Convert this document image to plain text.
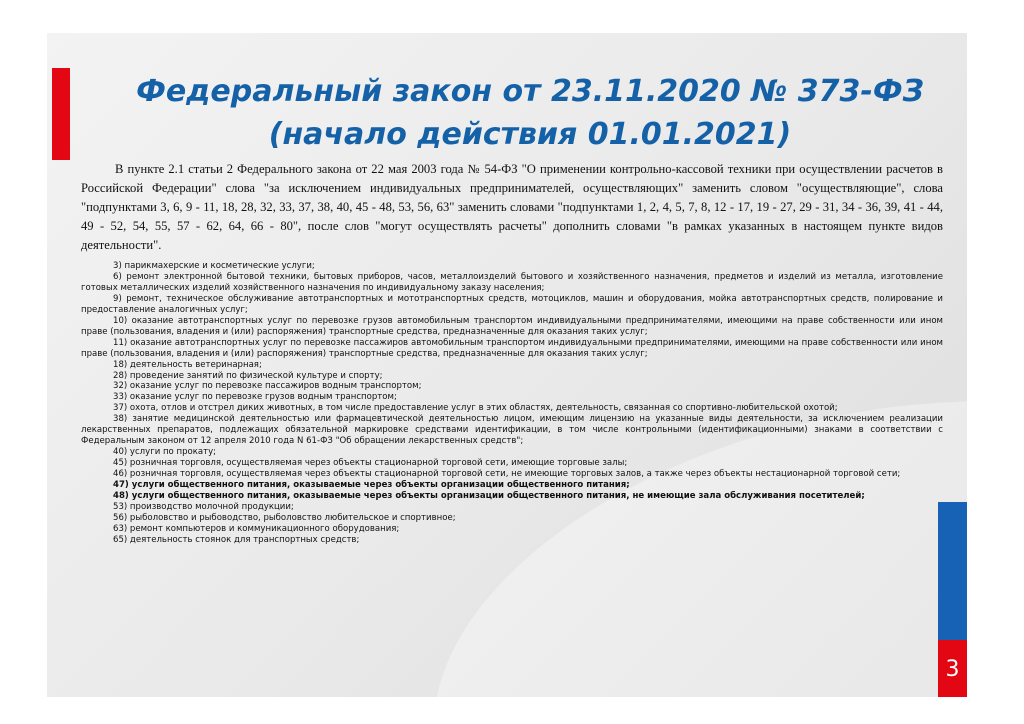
3
Федеральный закон от 23.11.2020 № 373-ФЗ
(начало действия 01.01.2021)
В пункте 2.1 статьи 2 Федерального закона от 22 мая 2003 года № 54-ФЗ "О применении контрольно-кассовой техники при осуществлении расчетов в Российской Федерации" слова "за исключением индивидуальных предпринимателей, осуществляющих" заменить словом "осуществляющие", слова "подпунктами 3, 6, 9 - 11, 18, 28, 32, 33, 37, 38, 40, 45 - 48, 53, 56, 63" заменить словами "подпунктами 1, 2, 4, 5, 7, 8, 12 - 17, 19 - 27, 29 - 31, 34 - 36, 39, 41 - 44, 49 - 52, 54, 55, 57 - 62, 64, 66 - 80", после слов "могут осуществлять расчеты" дополнить словами "в рамках указанных в настоящем пункте видов деятельности".

3) парикмахерские и косметические услуги;

6) ремонт электронной бытовой техники, бытовых приборов, часов, металлоизделий бытового и хозяйственного назначения, предметов и изделий из металла, изготовление готовых металлических изделий хозяйственного назначения по индивидуальному заказу населения;

9) ремонт, техническое обслуживание автотранспортных и мототранспортных средств, мотоциклов, машин и оборудования, мойка автотранспортных средств, полирование и предоставление аналогичных услуг;

10) оказание автотранспортных услуг по перевозке грузов автомобильным транспортом индивидуальными предпринимателями, имеющими на праве собственности или ином праве (пользования, владения и (или) распоряжения) транспортные средства, предназначенные для оказания таких услуг;

11) оказание автотранспортных услуг по перевозке пассажиров автомобильным транспортом индивидуальными предпринимателями, имеющими на праве собственности или ином праве (пользования, владения и (или) распоряжения) транспортные средства, предназначенные для оказания таких услуг;

18) деятельность ветеринарная;

28) проведение занятий по физической культуре и спорту;

32) оказание услуг по перевозке пассажиров водным транспортом;

33) оказание услуг по перевозке грузов водным транспортом;

37) охота, отлов и отстрел диких животных, в том числе предоставление услуг в этих областях, деятельность, связанная со спортивно-любительской охотой;

38) занятие медицинской деятельностью или фармацевтической деятельностью лицом, имеющим лицензию на указанные виды деятельности, за исключением реализации лекарственных препаратов, подлежащих обязательной маркировке средствами идентификации, в том числе контрольными (идентификационными) знаками в соответствии с Федеральным законом от 12 апреля 2010 года N 61-ФЗ "Об обращении лекарственных средств";

40) услуги по прокату;

45) розничная торговля, осуществляемая через объекты стационарной торговой сети, имеющие торговые залы;

46) розничная торговля, осуществляемая через объекты стационарной торговой сети, не имеющие торговых залов, а также через объекты нестационарной торговой сети;

47) услуги общественного питания, оказываемые через объекты организации общественного питания;

48) услуги общественного питания, оказываемые через объекты организации общественного питания, не имеющие зала обслуживания посетителей;

53) производство молочной продукции;

56) рыболовство и рыбоводство, рыболовство любительское и спортивное;

63) ремонт компьютеров и коммуникационного оборудования;

65) деятельность стоянок для транспортных средств;
